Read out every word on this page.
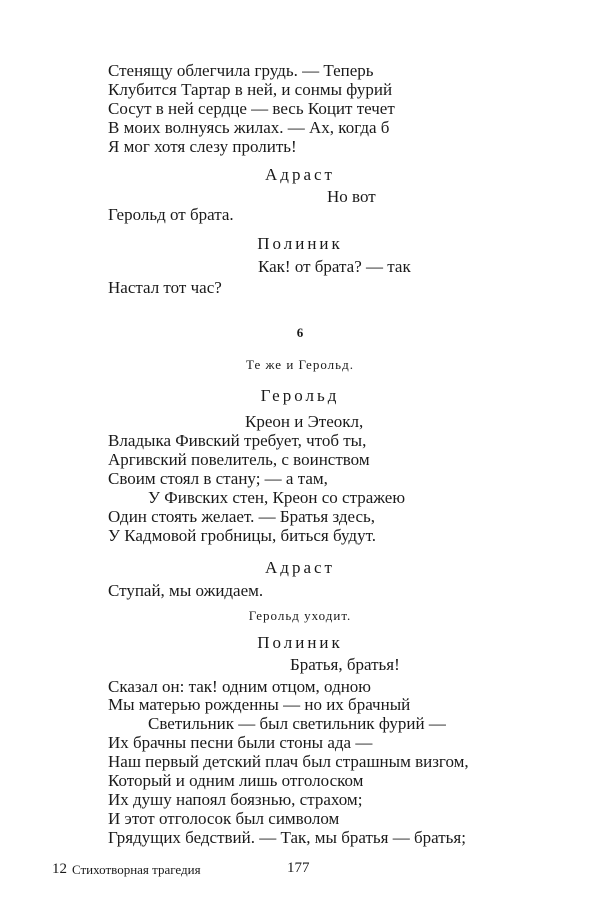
Стенящу облегчила грудь. — Теперь
Клубится Тартар в ней, и сонмы фурий
Сосут в ней сердце — весь Коцит течет
В моих волнуясь жилах. — Ах, когда б
Я мог хотя слезу пролить!
Адраст
Но вот
Герольд от брата.
Полиник
Как! от брата? — так
Настал тот час?
6
Те же и Герольд.
Герольд
Креон и Этеокл,
Владыка Фивский требует, чтоб ты,
Аргивский повелитель, с воинством
Своим стоял в стану; — а там,
У Фивских стен, Креон со стражею
Один стоять желает. — Братья здесь,
У Кадмовой гробницы, биться будут.
Адраст
Ступай, мы ожидаем.
Герольд уходит.
Полиник
Братья, братья!
Сказал он: так! одним отцом, одною
Мы матерью рожденны — но их брачный
Светильник — был светильник фурий —
Их брачны песни были стоны ада —
Наш первый детский плач был страшным визгом,
Который и одним лишь отголоском
Их душу напоял боязнью, страхом;
И этот отголосок был символом
Грядущих бедствий. — Так, мы братья — братья;
12 Стихотворная трагедия	177
